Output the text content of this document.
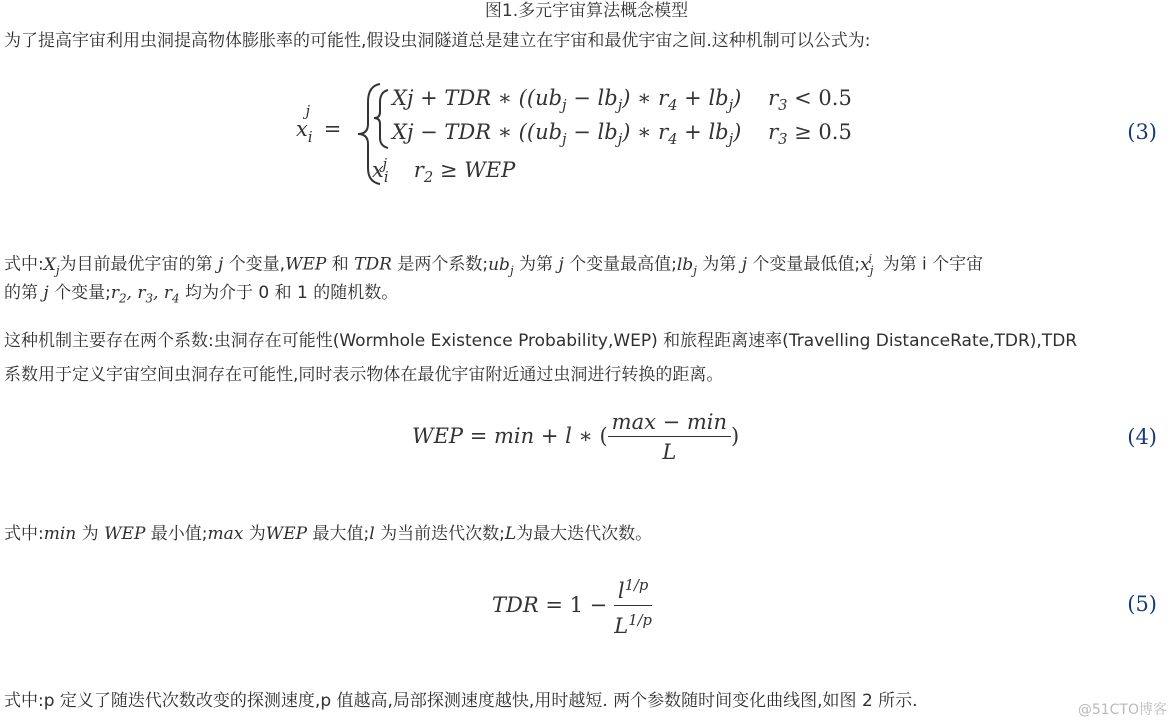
图1.多元宇宙算法概念模型
为了提高宇宙利用虫洞提高物体膨胀率的可能性,假设虫洞隧道总是建立在宇宙和最优宇宙之间.这种机制可以公式为:
$x_i^j$ =
Xj + TDR ∗ ($(ub_j - lb_j)$ ∗ $r_4 + lb_j$) $r_3 < 0.5$
Xj − TDR ∗ ($(ub_j - lb_j)$ ∗ $r_4 + lb_j$) $r_3 \ge 0.5$
$x_i^j$ $r_2$ ≥ WEP
(3)
式中$:X_j$为目前最优宇宙的第 j 个变量,WEP 和 TDR 是两个系数$;ub_j$ 为第 j 个变量最高值$;lb_j$ 为第 j 个变量最低值$;x_j^i$ 为第 i 个宇宙
的第 j 个变量$;r_2$, $r_3$, $r_4$ 均为介于 0 和 1 的随机数。
这种机制主要存在两个系数:虫洞存在可能性(Wormhole Existence Probability,WEP) 和旅程距离速率(Travelling DistanceRate,TDR),TDR
系数用于定义宇宙空间虫洞存在可能性,同时表示物体在最优宇宙附近通过虫洞进行转换的距离。
WEP = min + l ∗ ( $\frac{\max - \min}{L}$ )	(4)
式中:min 为 WEP 最小值;max 为WEP 最大值;l 为当前迭代次数;L为最大迭代次数。
TDR = $1 - \frac{l^{1/p}}{L^{1/p}}$	(5)
式中:p 定义了随迭代次数改变的探测速度,p 值越高,局部探测速度越快,用时越短. 两个参数随时间变化曲线图,如图 2 所示.	@51CTO博客
